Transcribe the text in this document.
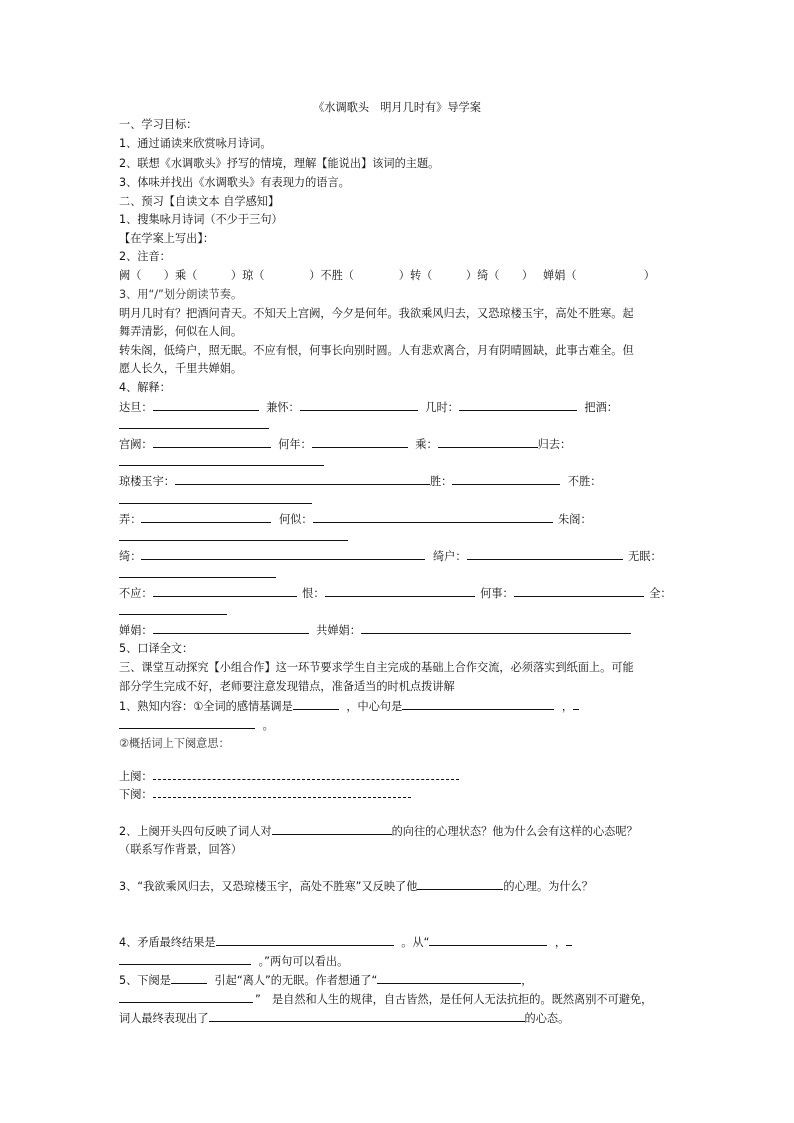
《水调歌头　明月几时有》导学案
一、学习目标：
1、通过诵读来欣赏咏月诗词。
2、联想《水调歌头》抒写的情境，理解【能说出】该词的主题。
3、体味并找出《水调歌头》有表现力的语言。
二、预习【自读文本 自学感知】
1、搜集咏月诗词（不少于三句）
【在学案上写出】：
2、注音：
阙（　　）乘（　　　）琼（　　　　）不胜（　　　　）转（　　　）绮（　　） 婵娟（　　　　　　）
3、用“/”划分朗读节奏。
明月几时有？把酒问青天。不知天上宫阙，今夕是何年。我欲乘风归去，又恐琼楼玉宇，高处不胜寒。起
舞弄清影，何似在人间。
转朱阁，低绮户，照无眠。不应有恨，何事长向别时圆。人有悲欢离合，月有阴晴圆缺，此事古难全。但
愿人长久，千里共婵娟。
4、解释：
达旦：	兼怀：	几时：	把酒：
宫阙：	何年：	乘：	归去：
琼楼玉宇：	胜：	不胜：
弄：	何似：	朱阁：
绮：	绮户：	无眠：
不应：	恨：	何事：	全：
婵娟：	共婵娟：
5、口译全文：
三、课堂互动探究【小组合作】这一环节要求学生自主完成的基础上合作交流，必须落实到纸面上。可能
部分学生完成不好，老师要注意发现错点，准备适当的时机点拨讲解
1、熟知内容：①全词的感情基调是	，中心句是	，
。
②概括词上下阕意思：
上阕：
下阕：
2、上阕开头四句反映了词人对	的向往的心理状态？他为什么会有这样的心态呢？
（联系写作背景，回答）
3、“我欲乘风归去，又恐琼楼玉宇，高处不胜寒”又反映了他	的心理。为什么？
4、矛盾最终结果是	。从“	，
。”两句可以看出。
5、下阕是	引起“离人”的无眠。作者想通了“	，
”　是自然和人生的规律，自古皆然，是任何人无法抗拒的。既然离别不可避免，
词人最终表现出了	的心态。
